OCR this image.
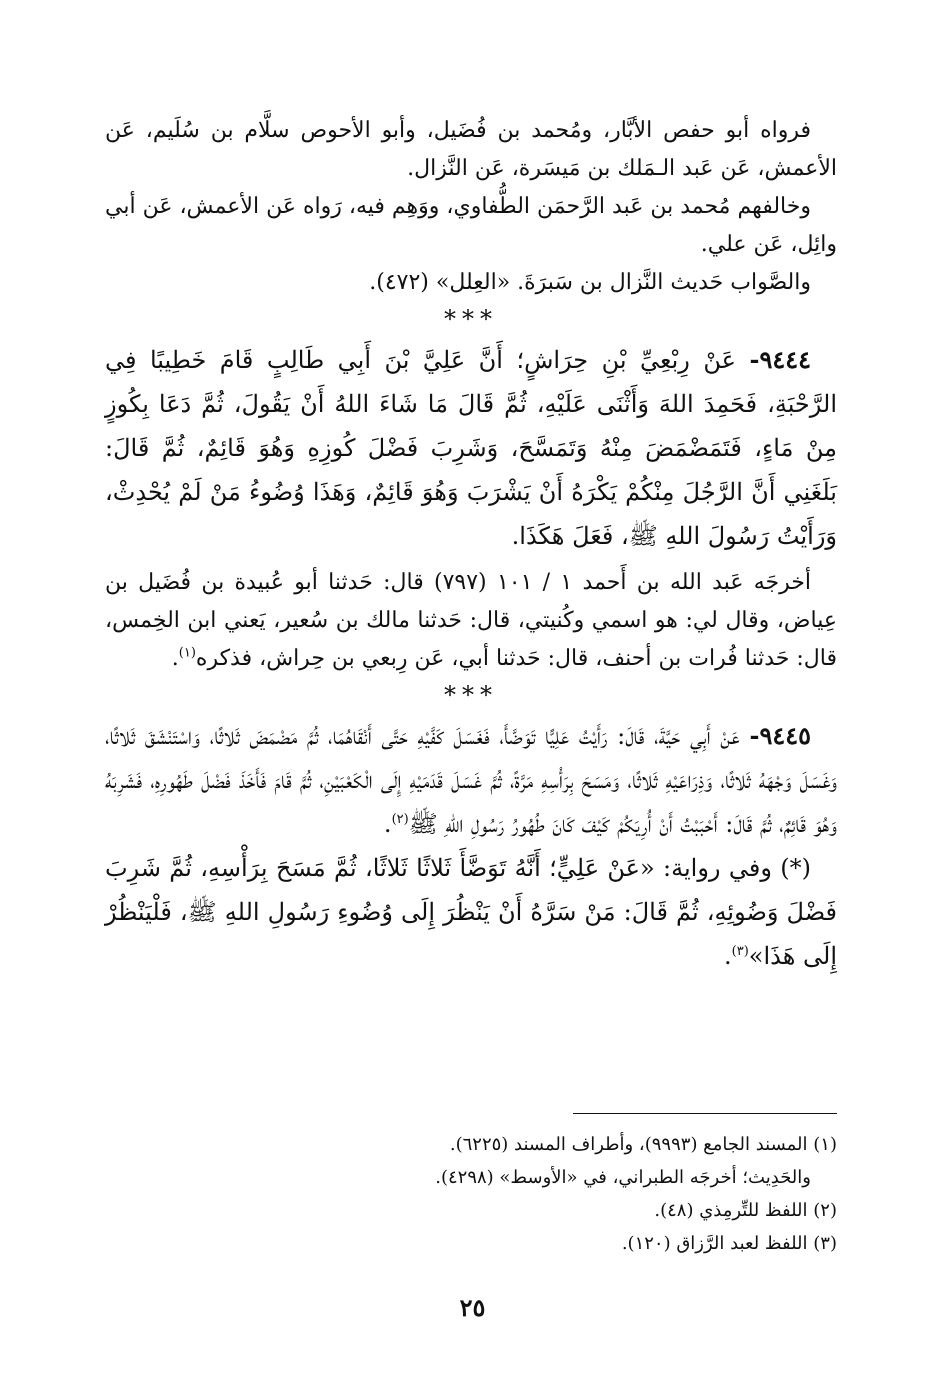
فرواه أبو حفص الأبَّار، ومُحمد بن فُضَيل، وأبو الأحوص سلَّام بن سُلَيم، عَن الأعمش، عَن عَبد الـمَلك بن مَيسَرة، عَن النَّزال.

وخالفهم مُحمد بن عَبد الرَّحمَن الطُّفاوي، ووَهِم فيه، رَواه عَن الأعمش، عَن أبي وائِل، عَن علي.

والصَّواب حَديث النَّزال بن سَبرَةَ. «العِلل» (٤٧٢).

***

٩٤٤٤- عَنْ رِبْعِيِّ بْنِ حِرَاشٍ؛ أَنَّ عَلِيَّ بْنَ أَبِي طَالِبٍ قَامَ خَطِيبًا فِي الرَّحْبَةِ، فَحَمِدَ اللهَ وَأَثْنَى عَلَيْهِ، ثُمَّ قَالَ مَا شَاءَ اللهُ أَنْ يَقُولَ، ثُمَّ دَعَا بِكُوزٍ مِنْ مَاءٍ، فَتَمَضْمَضَ مِنْهُ وَتَمَسَّحَ، وَشَرِبَ فَضْلَ كُوزِهِ وَهُوَ قَائِمٌ، ثُمَّ قَالَ: بَلَغَنِي أَنَّ الرَّجُلَ مِنْكُمْ يَكْرَهُ أَنْ يَشْرَبَ وَهُوَ قَائِمٌ، وَهَذَا وُضُوءُ مَنْ لَمْ يُحْدِثْ، وَرَأَيْتُ رَسُولَ اللهِ ﷺ، فَعَلَ هَكَذَا.

أخرجَه عَبد الله بن أَحمد ١ / ١٠١ (٧٩٧) قال: حَدثنا أبو عُبيدة بن فُضَيل بن عِياض، وقال لي: هو اسمي وكُنيتي، قال: حَدثنا مالك بن سُعير، يَعني ابن الخِمس، قال: حَدثنا فُرات بن أحنف، قال: حَدثنا أبي، عَن رِبعي بن حِراش، فذكره$^{(١)}$.

***

٩٤٤٥- عَنْ أَبِي حَيَّةَ، قَالَ: رَأَيْتُ عَلِيًّا تَوَضَّأَ، فَغَسَلَ كَفَّيْهِ حَتَّى أَنْقَاهُمَا، ثُمَّ مَضْمَضَ ثَلاثًا، وَاسْتَنْشَقَ ثَلاثًا، وَغَسَلَ وَجْهَهُ ثَلاثًا، وَذِرَاعَيْهِ ثَلاثًا، وَمَسَحَ بِرَأْسِهِ مَرَّةً، ثُمَّ غَسَلَ قَدَمَيْهِ إِلَى الْكَعْبَيْنِ، ثُمَّ قَامَ فَأَخَذَ فَضْلَ طَهُورِهِ، فَشَرِبَهُ وَهُوَ قَائِمٌ، ثُمَّ قَالَ: أَحْبَبْتُ أَنْ أُرِيَكُمْ كَيْفَ كَانَ طُهُورُ رَسُولِ اللهِ ﷺ$^{(٢)}$.

(*) وفي رواية: «عَنْ عَلِيٍّ؛ أَنَّهُ تَوَضَّأَ ثَلاثًا ثَلاثًا، ثُمَّ مَسَحَ بِرَأْسِهِ، ثُمَّ شَرِبَ فَضْلَ وَضُوئِهِ، ثُمَّ قَالَ: مَنْ سَرَّهُ أَنْ يَنْظُرَ إِلَى وُضُوءِ رَسُولِ اللهِ ﷺ، فَلْيَنْظُرْ إِلَى هَذَا»$^{(٣)}$.

(١) المسند الجامع (٩٩٩٣)، وأطراف المسند (٦٢٢٥).

والحَدِيث؛ أخرجَه الطبراني، في «الأوسط» (٤٢٩٨).

(٢) اللفظ للتِّرمِذي (٤٨).

(٣) اللفظ لعبد الرَّزاق (١٢٠).

٢٥
